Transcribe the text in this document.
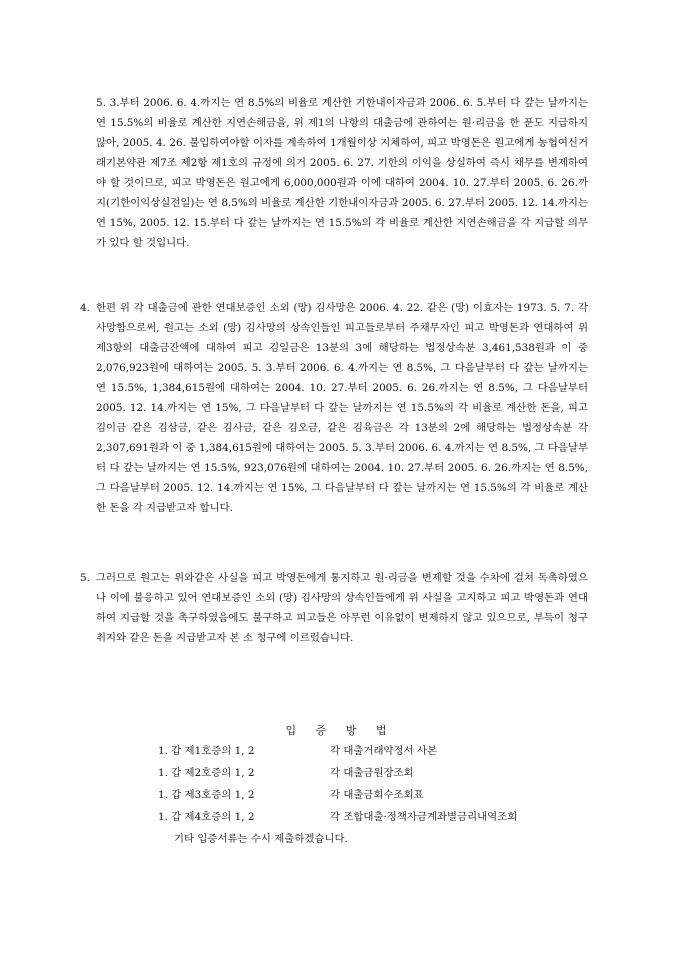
5. 3.부터 2006. 6. 4.까지는 연 8.5%의 비율로 계산한 기한내이자금과 2006. 6. 5.부터 다 갚는 날까지는 연 15.5%의 비율로 계산한 지연손해금을, 위 제1의 나항의 대출금에 관하여는 원·리금을 한 푼도 지급하지 않아, 2005. 4. 26. 불입하여야할 이자를 계속하여 1개월이상 지체하여, 피고 박영돈은 원고에게 농협여신거래기본약관 제7조 제2항 제1호의 규정에 의거 2005. 6. 27. 기한의 이익을 상실하여 즉시 채무를 변제하여야 할 것이므로, 피고 박영돈은 원고에게 6,000,000원과 이에 대하여 2004. 10. 27.부터 2005. 6. 26.까지(기한이익상실전일)는 연 8.5%의 비율로 계산한 기한내이자금과 2005. 6. 27.부터 2005. 12. 14.까지는 연 15%, 2005. 12. 15.부터 다 갚는 날까지는 연 15.5%의 각 비율로 계산한 지연손해금을 각 지급할 의무가 있다 할 것입니다.

4. 한편 위 각 대출금에 관한 연대보증인 소외 (망) 김사망은 2006. 4. 22. 같은 (망) 이효자는 1973. 5. 7. 각 사망함으로써, 원고는 소외 (망) 김사망의 상속인들인 피고들로부터 주채무자인 피고 박영돈과 연대하여 위 제3항의 대출금잔액에 대하여 피고 김일금은 13분의 3에 해당하는 법정상속분 3,461,538원과 이 중 2,076,923원에 대하여는 2005. 5. 3.부터 2006. 6. 4.까지는 연 8.5%, 그 다음날부터 다 갚는 날까지는 연 15.5%, 1,384,615원에 대하여는 2004. 10. 27.부터 2005. 6. 26.까지는 연 8.5%, 그 다음날부터 2005. 12. 14.까지는 연 15%, 그 다음날부터 다 갚는 날까지는 연 15.5%의 각 비율로 계산한 돈을, 피고 김이금 같은 김삼금, 같은 김사금, 같은 김오금, 같은 김육금은 각 13분의 2에 해당하는 법정상속분 각 2,307,691원과 이 중 1,384,615원에 대하여는 2005. 5. 3.부터 2006. 6. 4.까지는 연 8.5%, 그 다음날부터 다 갚는 날까지는 연 15.5%, 923,076원에 대하여는 2004. 10. 27.부터 2005. 6. 26.까지는 연 8.5%, 그 다음날부터 2005. 12. 14.까지는 연 15%, 그 다음날부터 다 갚는 날까지는 연 15.5%의 각 비율로 계산한 돈을 각 지급받고자 합니다.

5. 그러므로 원고는 위와같은 사실을 피고 박영돈에게 통지하고 원·리금을 변제할 것을 수차에 걸쳐 독촉하였으나 이에 불응하고 있어 연대보증인 소외 (망) 김사망의 상속인들에게 위 사실을 고지하고 피고 박영돈과 연대하여 지급할 것을 촉구하였음에도 불구하고 피고들은 아무런 이유없이 변제하지 않고 있으므로, 부득이 청구취지와 같은 돈을 지급받고자 본 소 청구에 이르렀습니다.

입 증 방 법

1. 갑 제1호증의 1, 2	각 대출거래약정서 사본
1. 갑 제2호증의 1, 2	각 대출금원장조회
1. 갑 제3호증의 1, 2	각 대출금회수조회표
1. 갑 제4호증의 1, 2	각 조합대출·정책자금계좌별금리내역조회
기타 입증서류는 수시 제출하겠습니다.
